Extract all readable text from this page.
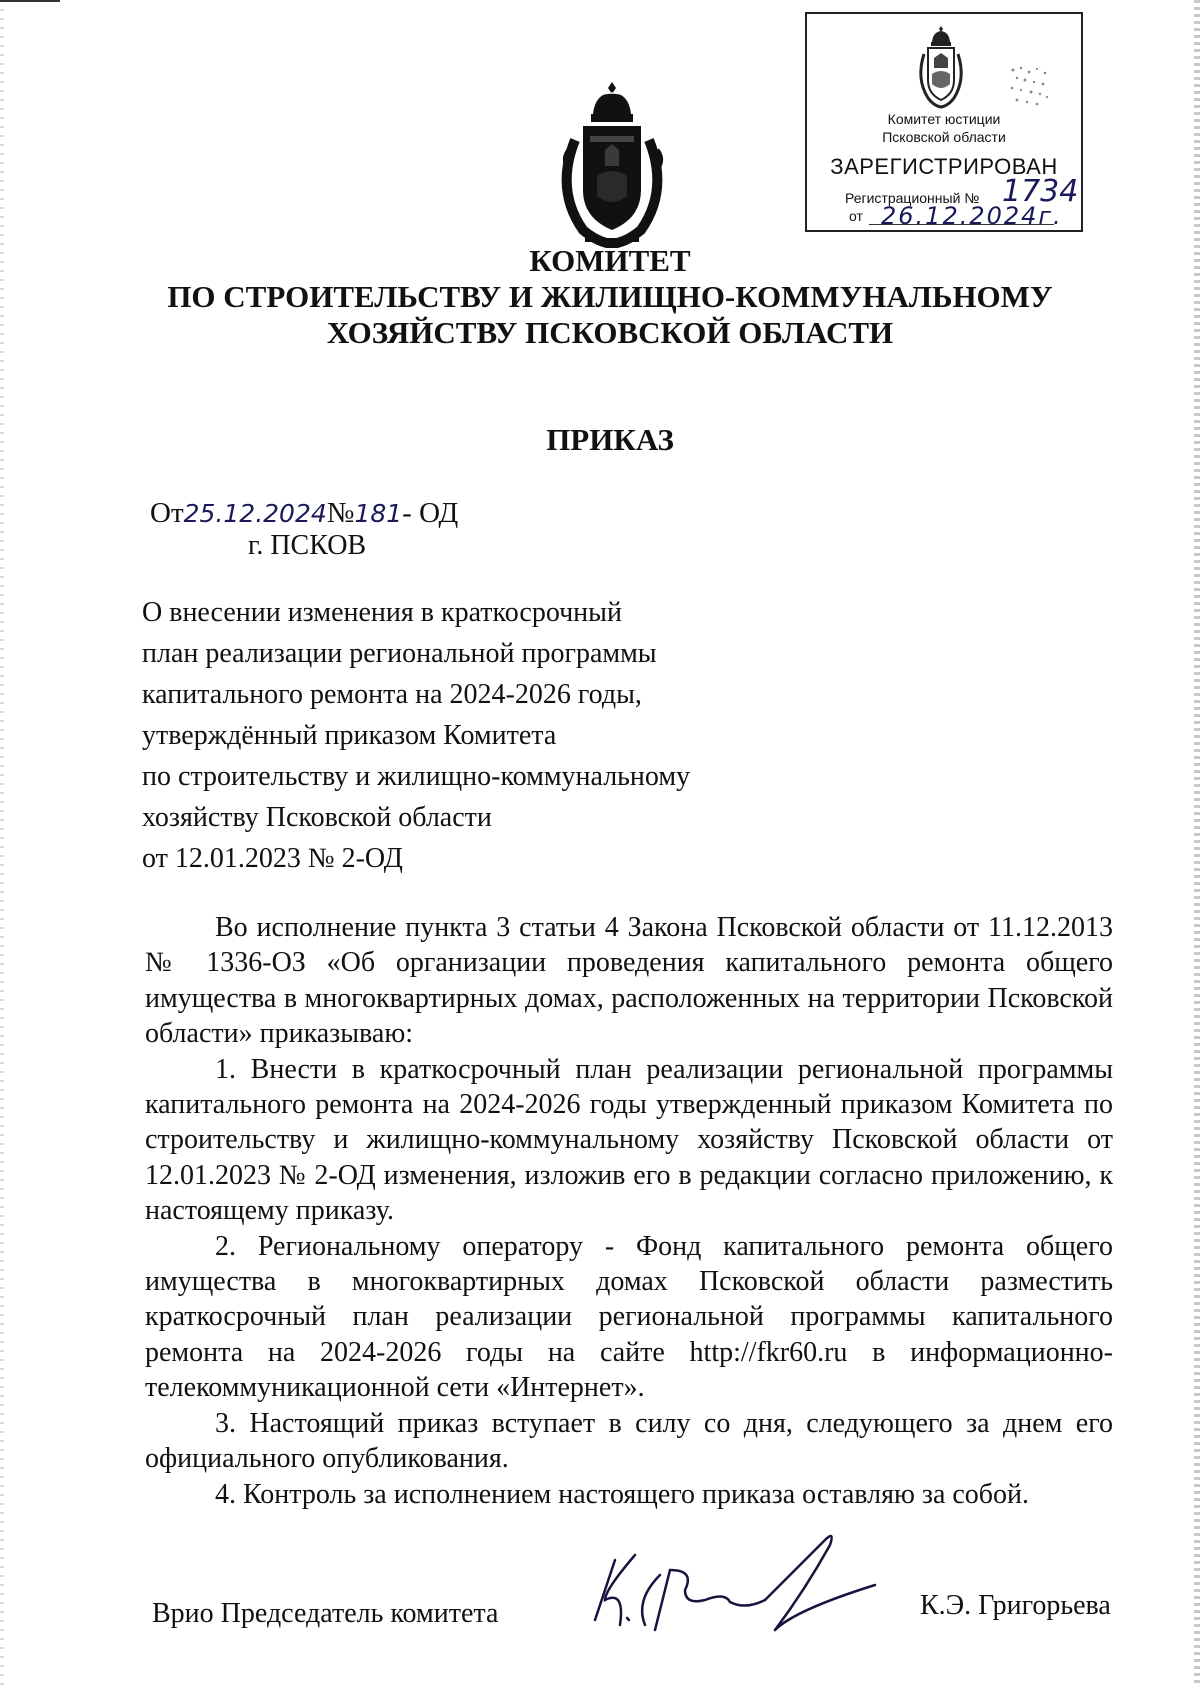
Комитет юстиции
Псковской области
ЗАРЕГИСТРИРОВАН
Регистрационный № 1734
от 26.12.2024г.
КОМИТЕТ
ПО СТРОИТЕЛЬСТВУ И ЖИЛИЩНО-КОММУНАЛЬНОМУ
ХОЗЯЙСТВУ ПСКОВСКОЙ ОБЛАСТИ
ПРИКАЗ
От25.12.2024№181- ОД
г. ПСКОВ
О внесении изменения в краткосрочный
план реализации региональной программы
капитального ремонта на 2024-2026 годы,
утверждённый приказом Комитета
по строительству и жилищно-коммунальному
хозяйству Псковской области
от 12.01.2023 № 2-ОД

Во исполнение пункта 3 статьи 4 Закона Псковской области от 11.12.2013 № 1336-ОЗ «Об организации проведения капитального ремонта общего имущества в многоквартирных домах, расположенных на территории Псковской области» приказываю:

1. Внести в краткосрочный план реализации региональной программы капитального ремонта на 2024-2026 годы утвержденный приказом Комитета по строительству и жилищно-коммунальному хозяйству Псковской области от 12.01.2023 № 2-ОД изменения, изложив его в редакции согласно приложению, к настоящему приказу.

2. Региональному оператору - Фонд капитального ремонта общего имущества в многоквартирных домах Псковской области разместить краткосрочный план реализации региональной программы капитального ремонта на 2024-2026 годы на сайте http://fkr60.ru в информационно-телекоммуникационной сети «Интернет».

3. Настоящий приказ вступает в силу со дня, следующего за днем его официального опубликования.

4. Контроль за исполнением настоящего приказа оставляю за собой.

Врио Председатель комитета	К.Э. Григорьева
